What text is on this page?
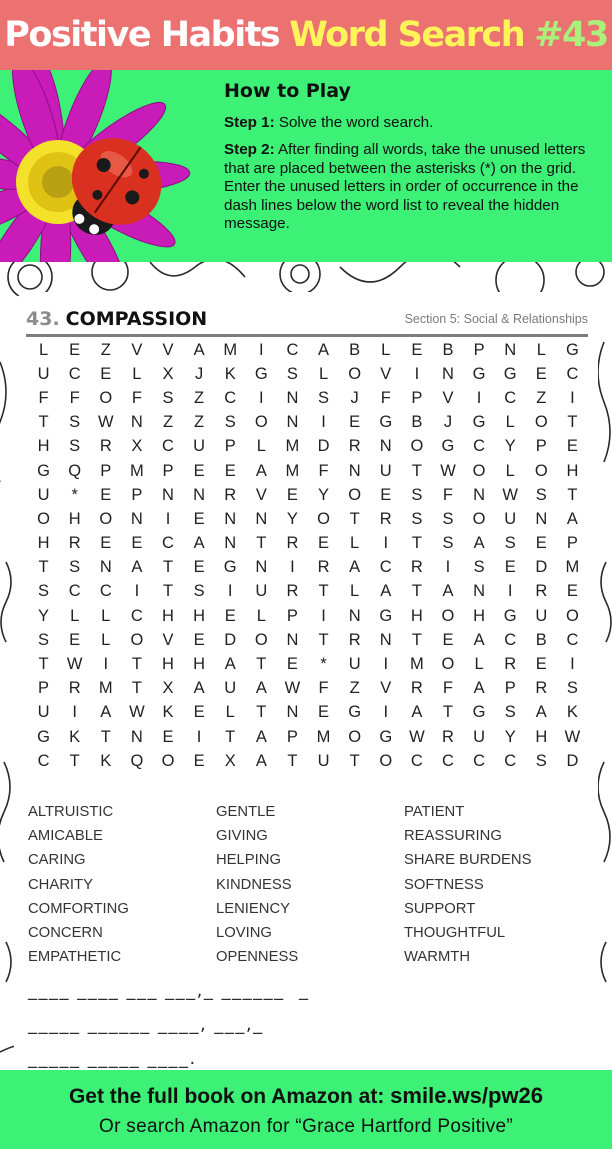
Positive Habits Word Search #43
How to Play

Step 1: Solve the word search.

Step 2: After finding all words, take the unused letters that are placed between the asterisks (*) on the grid. Enter the unused letters in order of occurrence in the dash lines below the word list to reveal the hidden message.

43. COMPASSION	Section 5: Social & Relationships
L	E	Z	V	V	A	M	I	C	A	B	L	E	B	P	N	L	G
U	C	E	L	X	J	K	G	S	L	O	V	I	N	G	G	E	C
F	F	O	F	S	Z	C	I	N	S	J	F	P	V	I	C	Z	I
T	S	W	N	Z	Z	S	O	N	I	E	G	B	J	G	L	O	T
H	S	R	X	C	U	P	L	M	D	R	N	O	G	C	Y	P	E
G	Q	P	M	P	E	E	A	M	F	N	U	T	W	O	L	O	H
U	*	E	P	N	N	R	V	E	Y	O	E	S	F	N	W	S	T
O	H	O	N	I	E	N	N	Y	O	T	R	S	S	O	U	N	A
H	R	E	E	C	A	N	T	R	E	L	I	T	S	A	S	E	P
T	S	N	A	T	E	G	N	I	R	A	C	R	I	S	E	D	M
S	C	C	I	T	S	I	U	R	T	L	A	T	A	N	I	R	E
Y	L	L	C	H	H	E	L	P	I	N	G	H	O	H	G	U	O
S	E	L	O	V	E	D	O	N	T	R	N	T	E	A	C	B	C
T	W	I	T	H	H	A	T	E	*	U	I	M	O	L	R	E	I
P	R	M	T	X	A	U	A	W	F	Z	V	R	F	A	P	R	S
U	I	A	W	K	E	L	T	N	E	G	I	A	T	G	S	A	K
G	K	T	N	E	I	T	A	P	M	O	G	W	R	U	Y	H	W
C	T	K	Q	O	E	X	A	T	U	T	O	C	C	C	C	S	D
ALTRUISTIC	GENTLE	PATIENT
AMICABLE	GIVING	REASSURING
CARING	HELPING	SHARE BURDENS
CHARITY	KINDNESS	SOFTNESS
COMFORTING	LENIENCY	SUPPORT
CONCERN	LOVING	THOUGHTFUL
EMPATHETIC	OPENNESS	WARMTH
____ ____ ___ ___,_ ______  _
_____ ______ ____, ___,_
_____ _____ ____.
Get the full book on Amazon at: smile.ws/pw26
Or search Amazon for “Grace Hartford Positive”
